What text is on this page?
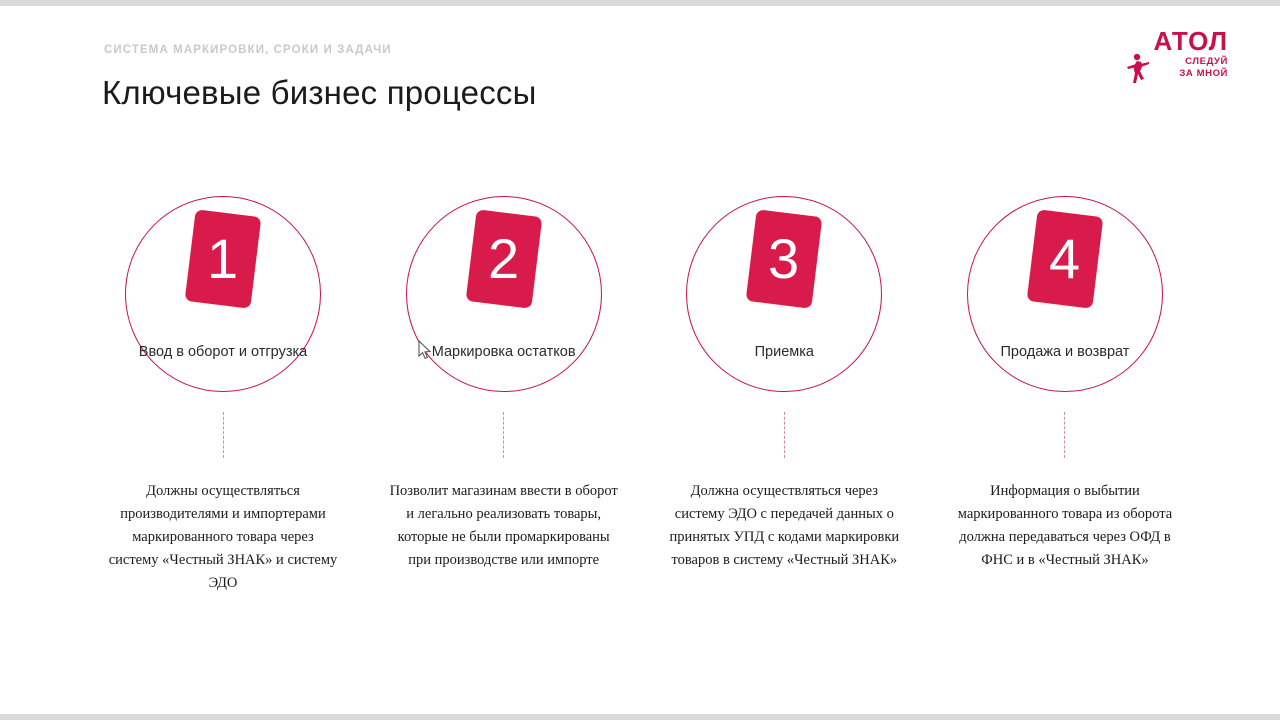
СИСТЕМА МАРКИРОВКИ, СРОКИ И ЗАДАЧИ
Ключевые бизнес процессы
АТОЛ
СЛЕДУЙ
ЗА МНОЙ
1
Ввод в оборот и отгрузка
Должны осуществляться производителями и импортерами маркированного товара через систему «Честный ЗНАК» и систему ЭДО
2
Маркировка остатков
Позволит магазинам ввести в оборот и легально реализовать товары, которые не были промаркированы при производстве или импорте
3
Приемка
Должна осуществляться через систему ЭДО с передачей данных о принятых УПД с кодами маркировки товаров в систему «Честный ЗНАК»
4
Продажа и возврат
Информация о выбытии маркированного товара из оборота должна передаваться через ОФД в ФНС и в «Честный ЗНАК»
